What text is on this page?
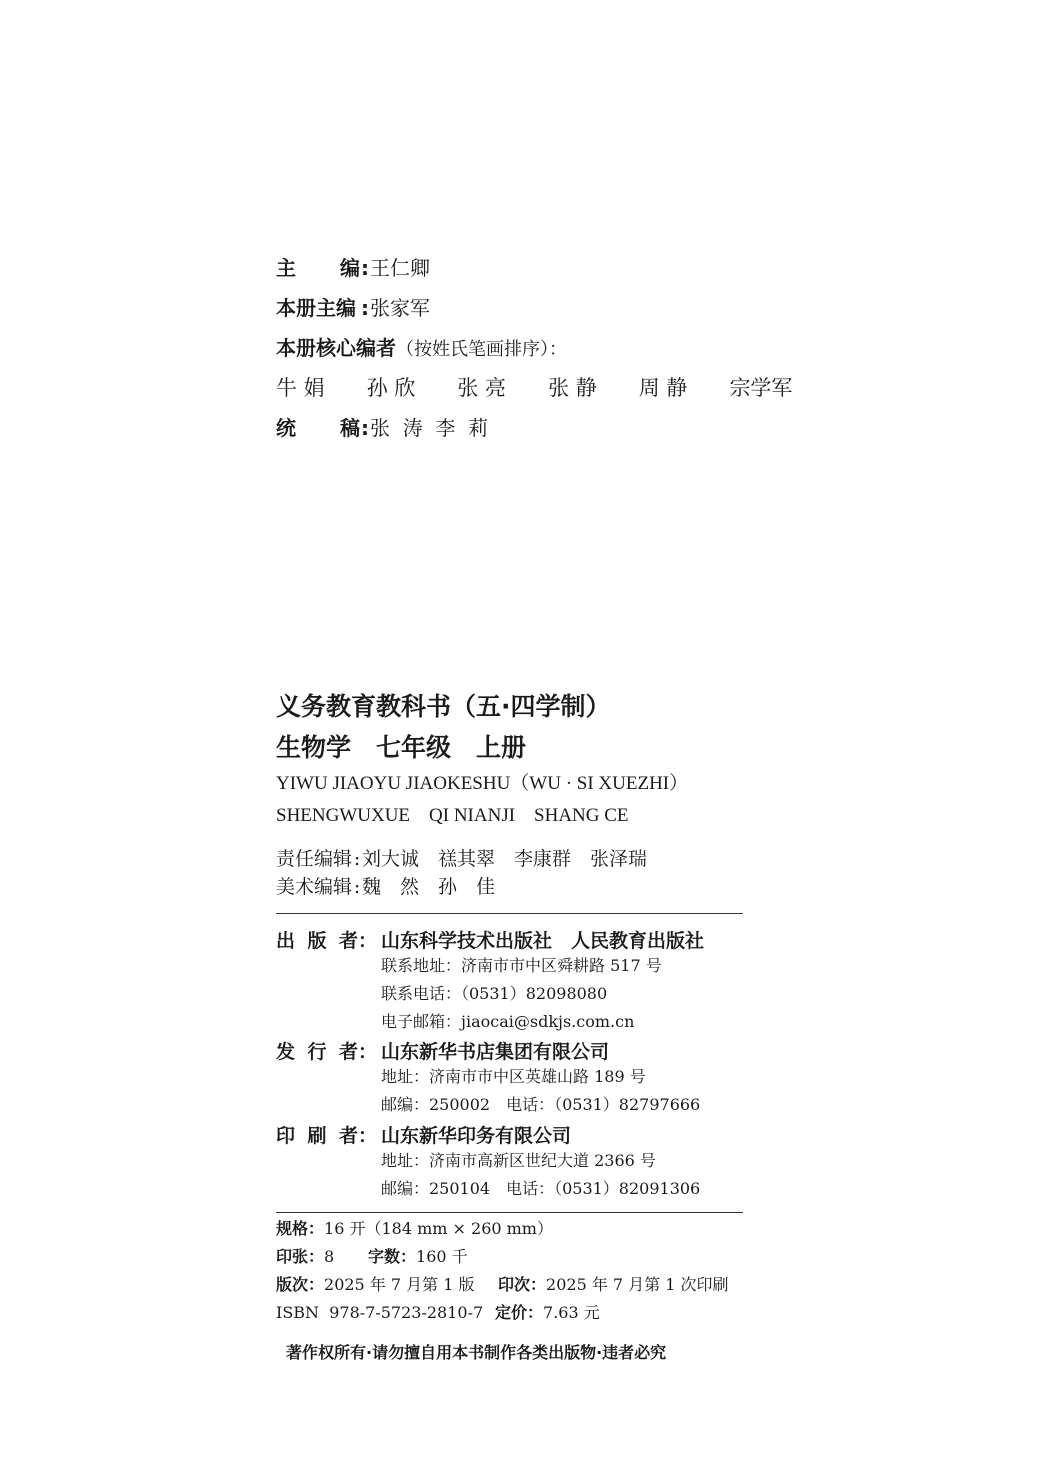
主 编 :王仁卿
本册主编 :张家军
本册核心编者（按姓氏笔画排序）：
牛 娟 孙 欣 张 亮 张 静 周 静 宗学军
统 稿 :张  涛  李  莉
义务教育教科书（五·四学制）
生物学　七年级　上册
YIWU JIAOYU JIAOKESHU（WU · SI XUEZHI）
SHENGWUXUE　QI NIANJI　SHANG CE
责任编辑:刘大诚　禚其翠　李康群　张泽瑞
美术编辑:魏　然　孙　佳
出 版 者 ： 山东科学技术出版社　人民教育出版社
联系地址：济南市市中区舜耕路 517 号
联系电话：（0531）82098080
电子邮箱：jiaocai@sdkjs.com.cn
发 行 者 ： 山东新华书店集团有限公司
地址：济南市市中区英雄山路 189 号
邮编：250002　电话：（0531）82797666
印 刷 者 ： 山东新华印务有限公司
地址：济南市高新区世纪大道 2366 号
邮编：250104　电话：（0531）82091306
规格：16 开（184 mm × 260 mm）
印张：8 字数：160 千
版次：2025 年 7 月第 1 版 印次：2025 年 7 月第 1 次印刷
ISBN  978-7-5723-2810-7 定价：7.63 元
著作权所有·请勿擅自用本书制作各类出版物·违者必究
